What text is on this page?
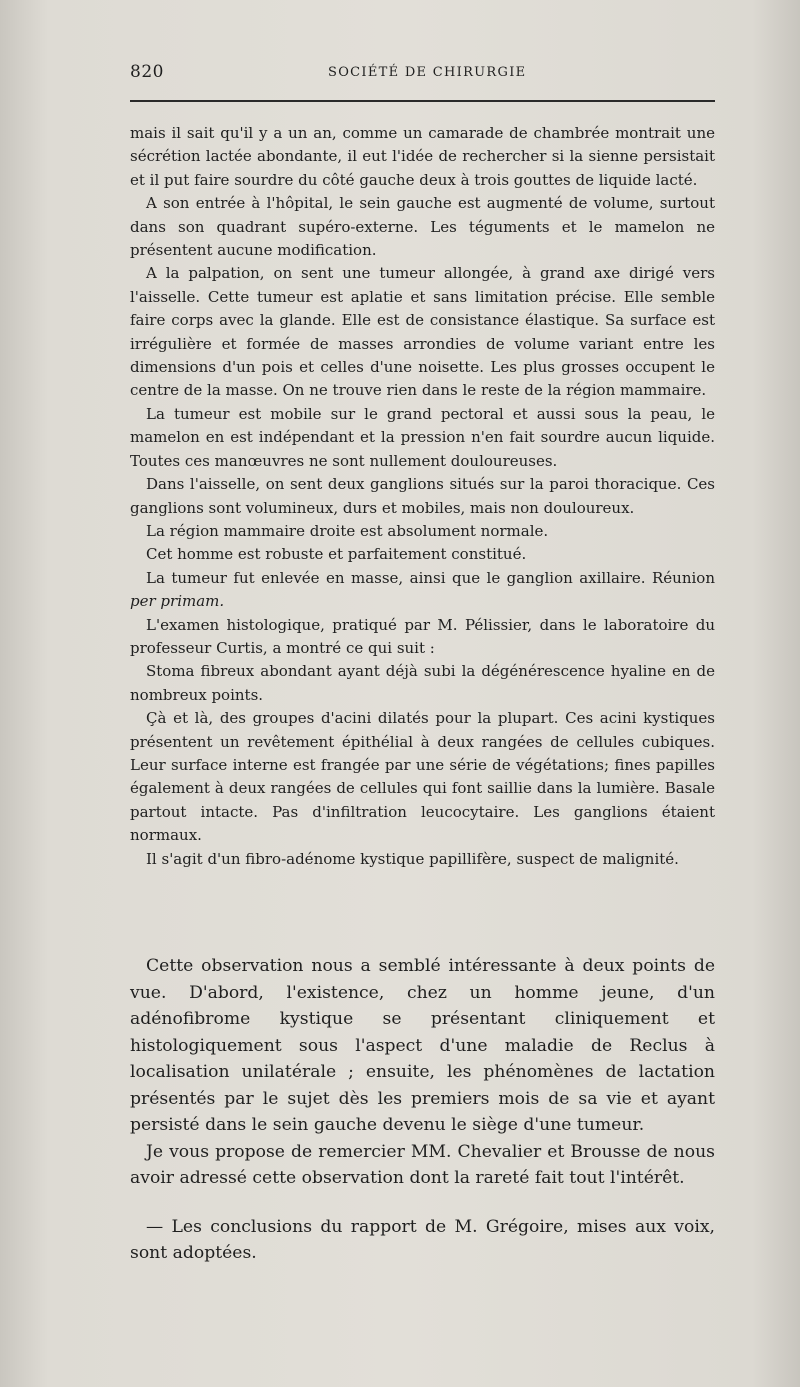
820	SOCIÉTÉ DE CHIRURGIE

mais il sait qu'il y a un an, comme un camarade de chambrée montrait une sécrétion lactée abondante, il eut l'idée de rechercher si la sienne persistait et il put faire sourdre du côté gauche deux à trois gouttes de liquide lacté.

A son entrée à l'hôpital, le sein gauche est augmenté de volume, surtout dans son quadrant supéro-externe. Les téguments et le mamelon ne présentent aucune modification.

A la palpation, on sent une tumeur allongée, à grand axe dirigé vers l'aisselle. Cette tumeur est aplatie et sans limitation précise. Elle semble faire corps avec la glande. Elle est de consistance élastique. Sa surface est irrégulière et formée de masses arrondies de volume variant entre les dimensions d'un pois et celles d'une noisette. Les plus grosses occupent le centre de la masse. On ne trouve rien dans le reste de la région mammaire.

La tumeur est mobile sur le grand pectoral et aussi sous la peau, le mamelon en est indépendant et la pression n'en fait sourdre aucun liquide. Toutes ces manœuvres ne sont nullement douloureuses.

Dans l'aisselle, on sent deux ganglions situés sur la paroi thoracique. Ces ganglions sont volumineux, durs et mobiles, mais non douloureux.

La région mammaire droite est absolument normale.

Cet homme est robuste et parfaitement constitué.

La tumeur fut enlevée en masse, ainsi que le ganglion axillaire. Réunion per primam.

L'examen histologique, pratiqué par M. Pélissier, dans le laboratoire du professeur Curtis, a montré ce qui suit :

Stoma fibreux abondant ayant déjà subi la dégénérescence hyaline en de nombreux points.

Çà et là, des groupes d'acini dilatés pour la plupart. Ces acini kystiques présentent un revêtement épithélial à deux rangées de cellules cubiques. Leur surface interne est frangée par une série de végétations; fines papilles également à deux rangées de cellules qui font saillie dans la lumière. Basale partout intacte. Pas d'infiltration leucocytaire. Les ganglions étaient normaux.

Il s'agit d'un fibro-adénome kystique papillifère, suspect de malignité.

Cette observation nous a semblé intéressante à deux points de vue. D'abord, l'existence, chez un homme jeune, d'un adénofibrome kystique se présentant cliniquement et histologiquement sous l'aspect d'une maladie de Reclus à localisation unilatérale ; ensuite, les phénomènes de lactation présentés par le sujet dès les premiers mois de sa vie et ayant persisté dans le sein gauche devenu le siège d'une tumeur.

Je vous propose de remercier MM. Chevalier et Brousse de nous avoir adressé cette observation dont la rareté fait tout l'intérêt.

— Les conclusions du rapport de M. Grégoire, mises aux voix, sont adoptées.
